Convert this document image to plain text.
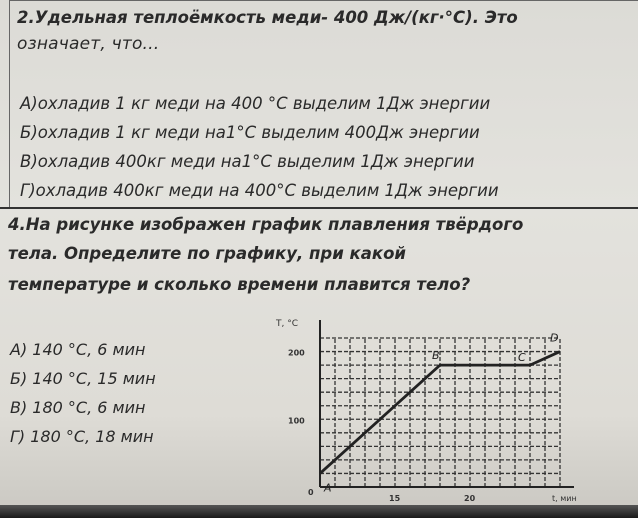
2.Удельная теплоёмкость меди- 400 Дж/(кг·°С). Это
означает, что...
А)охладив 1 кг меди на 400 °С выделим 1Дж энергии
Б)охладив 1 кг меди на1°С выделим 400Дж энергии
В)охладив 400кг меди на1°С выделим 1Дж энергии
Г)охладив 400кг меди на 400°С выделим 1Дж энергии
4.На рисунке изображен график плавления твёрдого
тела. Определите по графику, при какой
температуре и сколько времени плавится тело?
А) 140 °С, 6 мин
Б) 140 °С, 15 мин
В) 180 °С, 6 мин
Г) 180 °С, 18 мин
T, °C
t, мин
0
100
200
15	20
A
B	C
D
